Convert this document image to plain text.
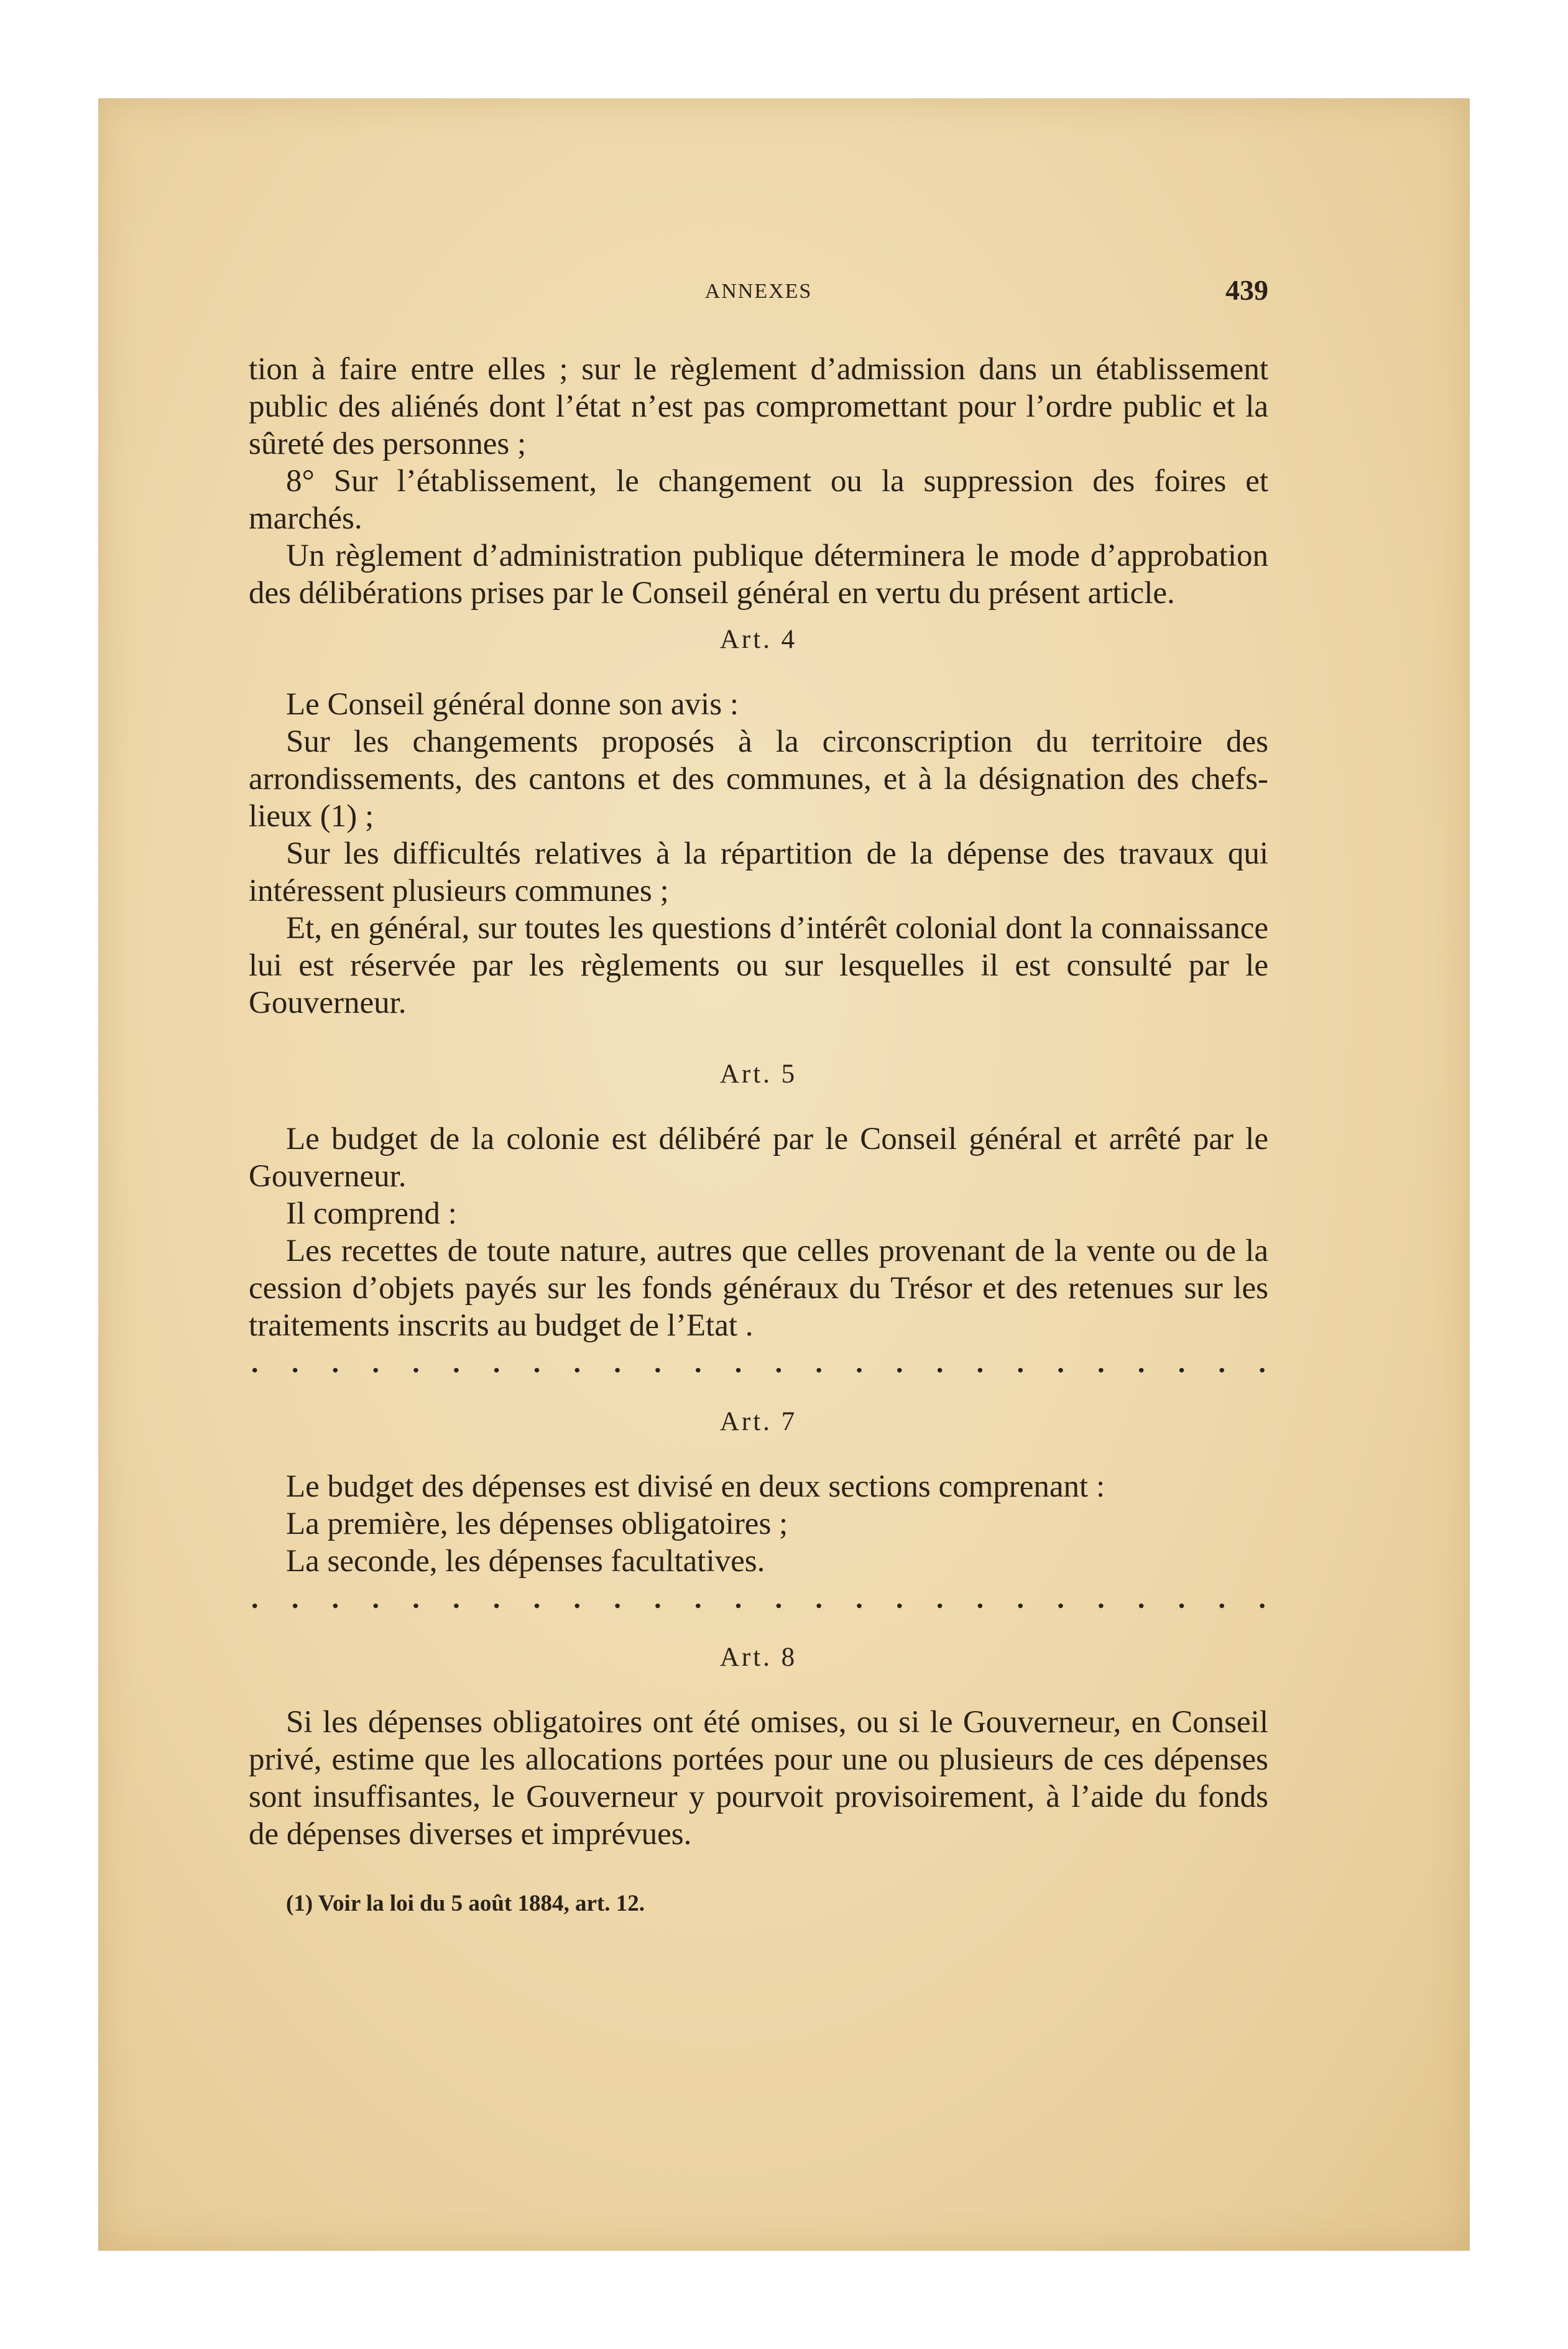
ANNEXES	439

tion à faire entre elles ; sur le règlement d’admission dans un établissement public des aliénés dont l’état n’est pas compromettant pour l’ordre public et la sûreté des personnes ;

8° Sur l’établissement, le changement ou la suppression des foires et marchés.

Un règlement d’administration publique déterminera le mode d’approbation des délibérations prises par le Conseil général en vertu du présent article.

Art. 4

Le Conseil général donne son avis :

Sur les changements proposés à la circonscription du territoire des arrondissements, des cantons et des communes, et à la désignation des chefs-lieux (1) ;

Sur les difficultés relatives à la répartition de la dépense des travaux qui intéressent plusieurs communes ;

Et, en général, sur toutes les questions d’intérêt colonial dont la connaissance lui est réservée par les règlements ou sur lesquelles il est consulté par le Gouverneur.

Art. 5

Le budget de la colonie est délibéré par le Conseil général et arrêté par le Gouverneur.

Il comprend :

Les recettes de toute nature, autres que celles provenant de la vente ou de la cession d’objets payés sur les fonds généraux du Trésor et des retenues sur les traitements inscrits au budget de l’Etat .

. . . . . . . . . . . . . . . . . . . . . . . . . .
Art. 7

Le budget des dépenses est divisé en deux sections comprenant :

La première, les dépenses obligatoires ;

La seconde, les dépenses facultatives.

. . . . . . . . . . . . . . . . . . . . . . . . . .
Art. 8

Si les dépenses obligatoires ont été omises, ou si le Gouverneur, en Conseil privé, estime que les allocations portées pour une ou plusieurs de ces dépenses sont insuffisantes, le Gouverneur y pourvoit provisoirement, à l’aide du fonds de dépenses diverses et imprévues.

(1) Voir la loi du 5 août 1884, art. 12.
